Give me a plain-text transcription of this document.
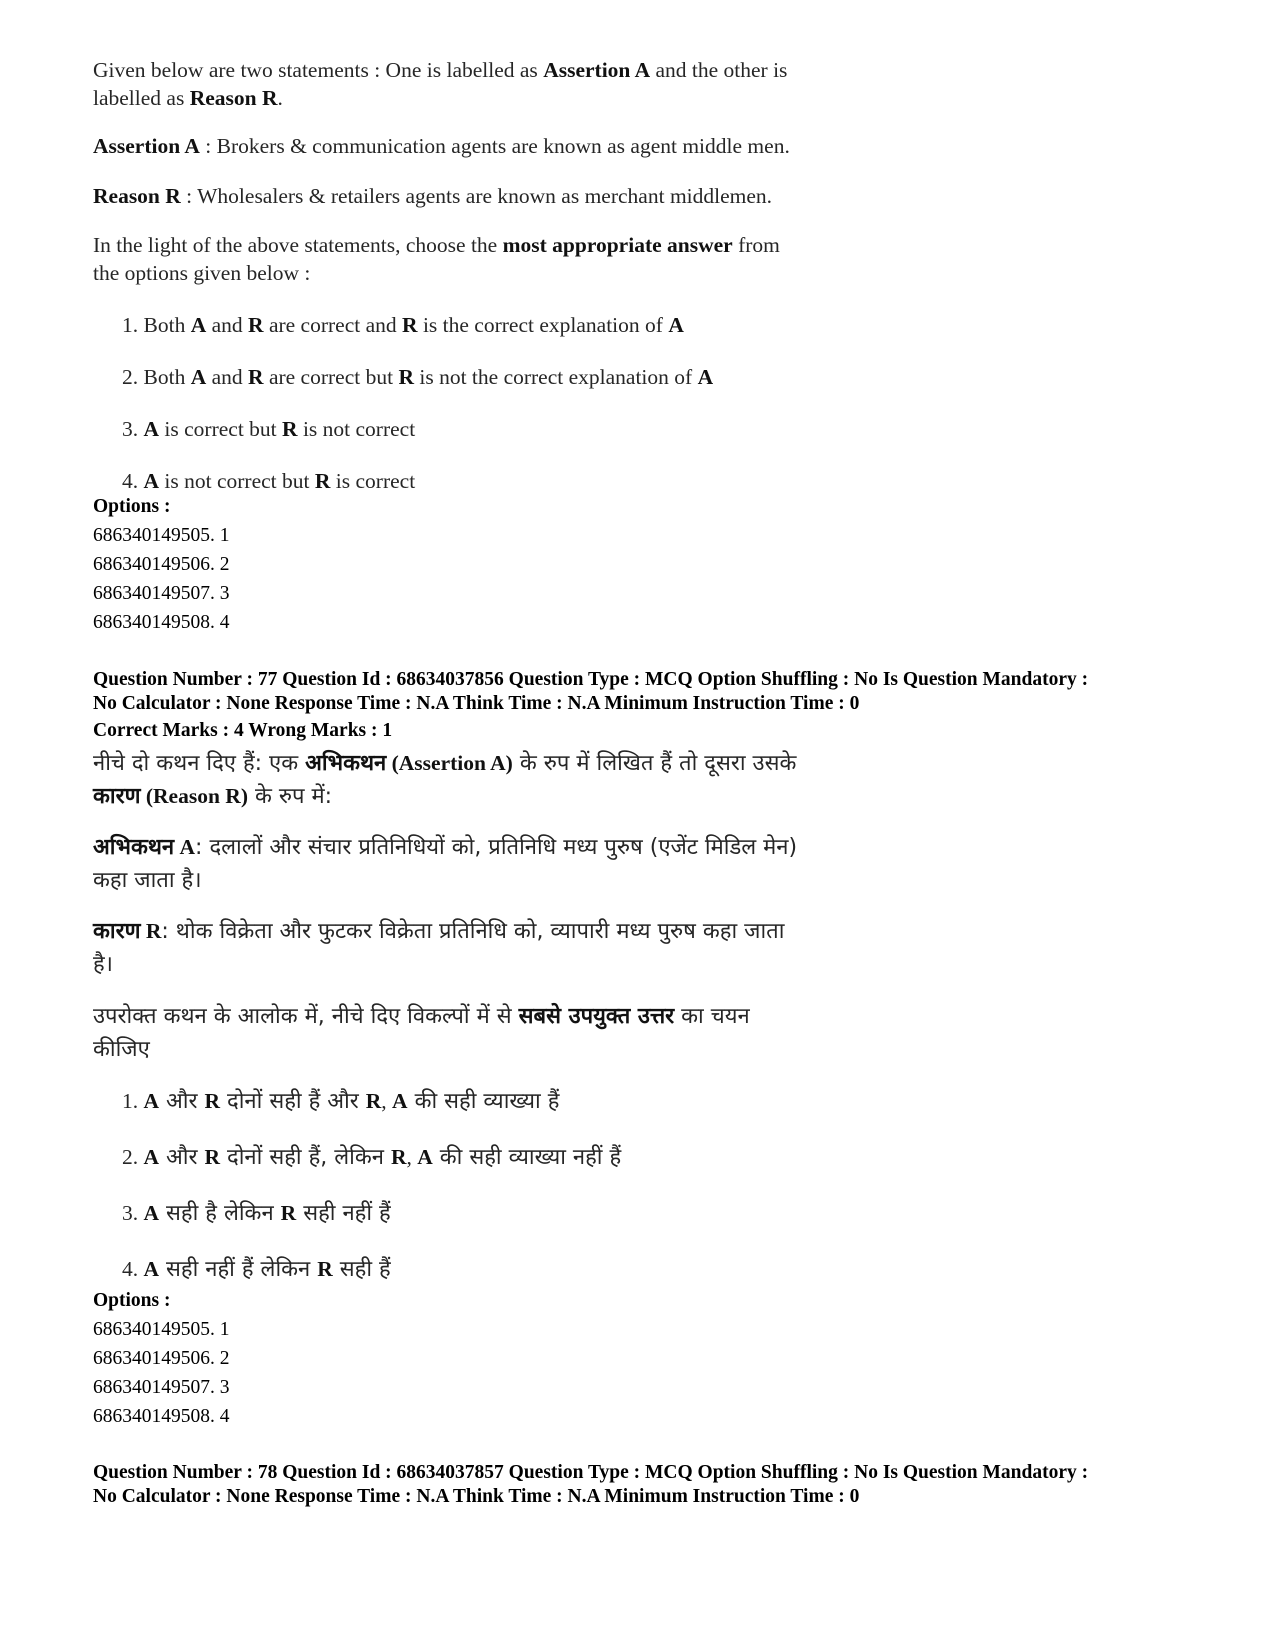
Given below are two statements : One is labelled as Assertion A and the other is
labelled as Reason R.
Assertion A : Brokers & communication agents are known as agent middle men.
Reason R : Wholesalers & retailers agents are known as merchant middlemen.
In the light of the above statements, choose the most appropriate answer from
the options given below :
1. Both A and R are correct and R is the correct explanation of A
2. Both A and R are correct but R is not the correct explanation of A
3. A is correct but R is not correct
4. A is not correct but R is correct
Options :
686340149505. 1
686340149506. 2
686340149507. 3
686340149508. 4
Question Number : 77 Question Id : 68634037856 Question Type : MCQ Option Shuffling : No Is Question Mandatory :
No Calculator : None Response Time : N.A Think Time : N.A Minimum Instruction Time : 0
Correct Marks : 4 Wrong Marks : 1
नीचे दो कथन दिए हैं: एक अभिकथन (Assertion A) के रुप में लिखित हैं तो दूसरा उसके
कारण (Reason R) के रुप में:
अभिकथन A: दलालों और संचार प्रतिनिधियों को, प्रतिनिधि मध्य पुरुष (एजेंट मिडिल मेन)
कहा जाता है।
कारण R: थोक विक्रेता और फुटकर विक्रेता प्रतिनिधि को, व्यापारी मध्य पुरुष कहा जाता
है।
उपरोक्त कथन के आलोक में, नीचे दिए विकल्पों में से सबसे उपयुक्त उत्तर का चयन
कीजिए
1. A और R दोनों सही हैं और R, A की सही व्याख्या हैं
2. A और R दोनों सही हैं, लेकिन R, A की सही व्याख्या नहीं हैं
3. A सही है लेकिन R सही नहीं हैं
4. A सही नहीं हैं लेकिन R सही हैं
Options :
686340149505. 1
686340149506. 2
686340149507. 3
686340149508. 4
Question Number : 78 Question Id : 68634037857 Question Type : MCQ Option Shuffling : No Is Question Mandatory :
No Calculator : None Response Time : N.A Think Time : N.A Minimum Instruction Time : 0
